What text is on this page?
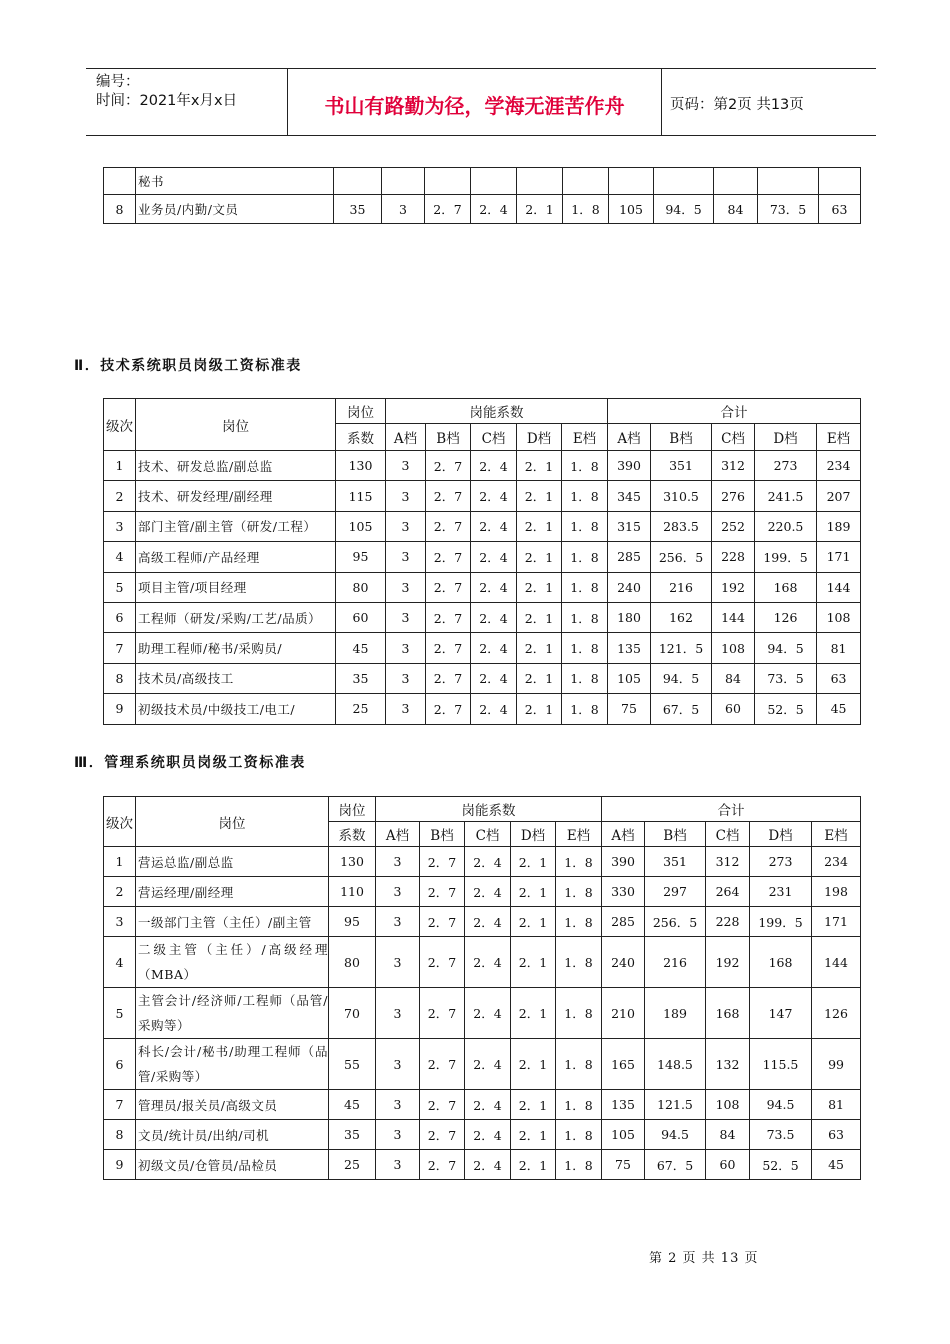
编号：
时间：2021年x月x日	书山有路勤为径，学海无涯苦作舟	页码：第2页 共13页
	秘书											
8	业务员/内勤/文员	35	3	2．7	2．4	2．1	1．8	105	94．5	84	73．5	63
Ⅱ．技术系统职员岗级工资标准表
级次	岗位	岗位	岗能系数					合计				
		系数	A档	B档	C档	D档	E档	A档	B档	C档	D档	E档
1	技术、研发总监/副总监	130	3	2．7	2．4	2．1	1．8	390	351	312	273	234
2	技术、研发经理/副经理	115	3	2．7	2．4	2．1	1．8	345	310.5	276	241.5	207
3	部门主管/副主管（研发/工程）	105	3	2．7	2．4	2．1	1．8	315	283.5	252	220.5	189
4	高级工程师/产品经理	95	3	2．7	2．4	2．1	1．8	285	256．5	228	199．5	171
5	项目主管/项目经理	80	3	2．7	2．4	2．1	1．8	240	216	192	168	144
6	工程师（研发/采购/工艺/品质）	60	3	2．7	2．4	2．1	1．8	180	162	144	126	108
7	助理工程师/秘书/采购员/	45	3	2．7	2．4	2．1	1．8	135	121．5	108	94．5	81
8	技术员/高级技工	35	3	2．7	2．4	2．1	1．8	105	94．5	84	73．5	63
9	初级技术员/中级技工/电工/	25	3	2．7	2．4	2．1	1．8	75	67．5	60	52．5	45
Ⅲ．管理系统职员岗级工资标准表
级次	岗位	岗位	岗能系数					合计				
		系数	A档	B档	C档	D档	E档	A档	B档	C档	D档	E档
1	营运总监/副总监	130	3	2．7	2．4	2．1	1．8	390	351	312	273	234
2	营运经理/副经理	110	3	2．7	2．4	2．1	1．8	330	297	264	231	198
3	一级部门主管（主任）/副主管	95	3	2．7	2．4	2．1	1．8	285	256．5	228	199．5	171
4	二级主管（主任）/高级经理（MBA）	80	3	2．7	2．4	2．1	1．8	240	216	192	168	144
5	主管会计/经济师/工程师（品管/采购等）	70	3	2．7	2．4	2．1	1．8	210	189	168	147	126
6	科长/会计/秘书/助理工程师（品管/采购等）	55	3	2．7	2．4	2．1	1．8	165	148.5	132	115.5	99
7	管理员/报关员/高级文员	45	3	2．7	2．4	2．1	1．8	135	121.5	108	94.5	81
8	文员/统计员/出纳/司机	35	3	2．7	2．4	2．1	1．8	105	94.5	84	73.5	63
9	初级文员/仓管员/品检员	25	3	2．7	2．4	2．1	1．8	75	67．5	60	52．5	45
第 2 页 共 13 页
